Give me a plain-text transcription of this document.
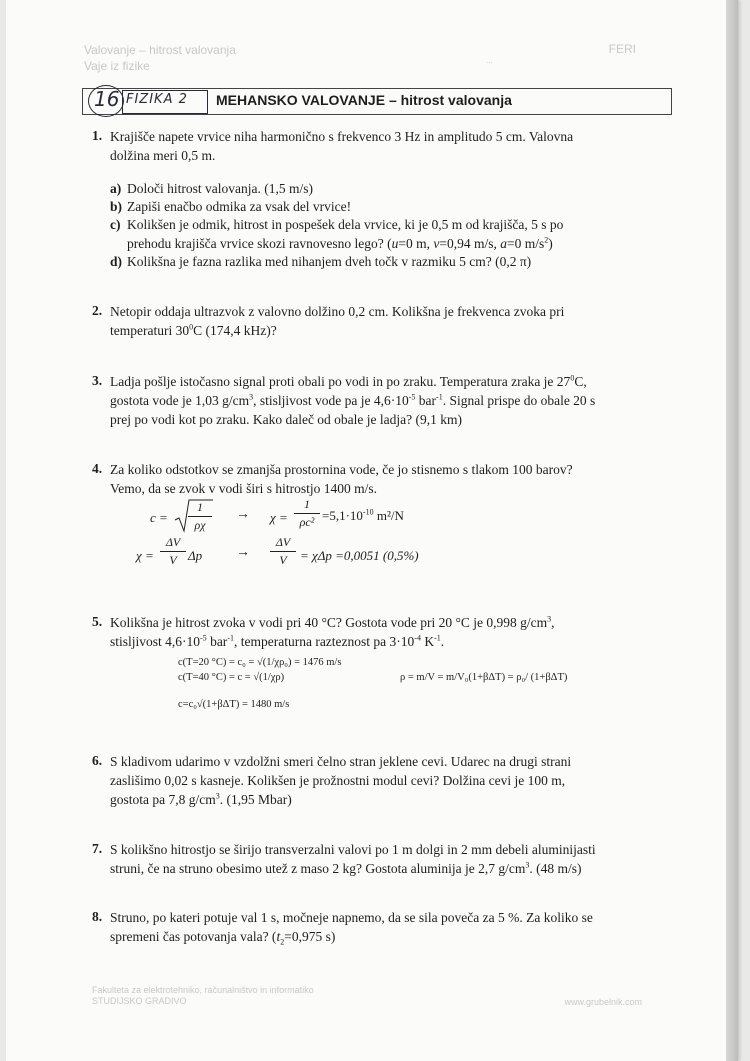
Valovanje – hitrost valovanja
Vaje iz fizike
FERI
...
16 FIZIKA 2 MEHANSKO VALOVANJE – hitrost valovanja
1. Krajišče napete vrvice niha harmonično s frekvenco 3 Hz in amplitudo 5 cm. Valovna
dolžina meri 0,5 m.
a) Določi hitrost valovanja. (1,5 m/s)
b) Zapiši enačbo odmika za vsak del vrvice!
c) Kolikšen je odmik, hitrost in pospešek dela vrvice, ki je 0,5 m od krajišča, 5 s po
prehodu krajišča vrvice skozi ravnovesno lego? (u=0 m, v=0,94 m/s, a=0 $m/s^2$)
d) Kolikšna je fazna razlika med nihanjem dveh točk v razmiku 5 cm? (0,2 π)
2. Netopir oddaja ultrazvok z valovno dolžino 0,2 cm. Kolikšna je frekvenca zvoka pri
temperaturi $30^0C$ (174,4 kHz)?
3. Ladja pošlje istočasno signal proti obali po vodi in po zraku. Temperatura zraka je $27^0C$,
gostota vode je 1,03 $g/cm^3$, stisljivost vode pa je $4,6\cdot 10^{-5}$ bar$^{-1}$. Signal prispe do obale 20 s
prej po vodi kot po zraku. Kako daleč od obale je ladja? (9,1 km)
4. Za koliko odstotkov se zmanjša prostornina vode, če jo stisnemo s tlakom 100 barov?
Vemo, da se zvok v vodi širi s hitrostjo 1400 m/s.
c =
1
ρχ
→ χ =
1
$\rho c^2 =5,1\cdot 10^{-10}$ m²/N
χ =
ΔV
V Δp →
ΔV
V	= χΔp =0,0051 (0,5%)
5. Kolikšna je hitrost zvoka v vodi pri 40 °C? Gostota vode pri 20 °C je 0,998 $g/cm^3$,
stisljivost $4,6\cdot 10^{-5}$ bar$^{-1}$, temperaturna razteznost pa $3\cdot 10^{-4}$ $K^{-1}$.
c(T=20 °C) = c₀ = √(1/χρ₀) = 1476 m/s
c(T=40 °C) = c = √(1/χρ)	ρ = m/V = m/V₀(1+βΔT) = ρ₀/ (1+βΔT)
c=c₀√(1+βΔT) = 1480 m/s
6. S kladivom udarimo v vzdolžni smeri čelno stran jeklene cevi. Udarec na drugi strani
zaslišimo 0,02 s kasneje. Kolikšen je prožnostni modul cevi? Dolžina cevi je 100 m,
gostota pa 7,8 $g/cm^3$. (1,95 Mbar)
7. S kolikšno hitrostjo se širijo transverzalni valovi po 1 m dolgi in 2 mm debeli aluminijasti
struni, če na struno obesimo utež z maso 2 kg? Gostota aluminija je 2,7 $g/cm^3$. (48 m/s)
8. Struno, po kateri potuje val 1 s, močneje napnemo, da se sila poveča za 5 %. Za koliko se
spremeni čas potovanja vala? ($t_2=0,975$ s)
Fakulteta za elektrotehniko, računalništvo in informatiko
STUDIJSKO GRADIVO	www.grubelnik.com
